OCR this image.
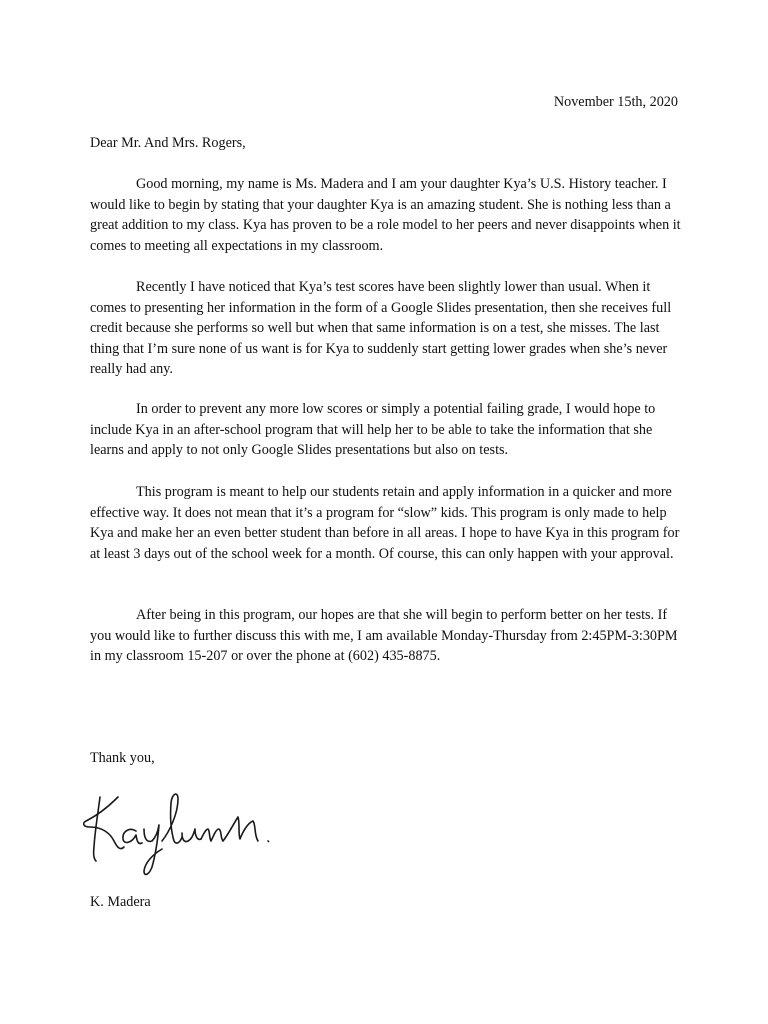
November 15th, 2020
Dear Mr. And Mrs. Rogers,

Good morning, my name is Ms. Madera and I am your daughter Kya’s U.S. History teacher. I would like to begin by stating that your daughter Kya is an amazing student. She is nothing less than a great addition to my class. Kya has proven to be a role model to her peers and never disappoints when it comes to meeting all expectations in my classroom.

Recently I have noticed that Kya’s test scores have been slightly lower than usual. When it comes to presenting her information in the form of a Google Slides presentation, then she receives full credit because she performs so well but when that same information is on a test, she misses. The last thing that I’m sure none of us want is for Kya to suddenly start getting lower grades when she’s never really had any.

In order to prevent any more low scores or simply a potential failing grade, I would hope to include Kya in an after-school program that will help her to be able to take the information that she learns and apply to not only Google Slides presentations but also on tests.

This program is meant to help our students retain and apply information in a quicker and more effective way. It does not mean that it’s a program for “slow” kids. This program is only made to help Kya and make her an even better student than before in all areas. I hope to have Kya in this program for at least 3 days out of the school week for a month. Of course, this can only happen with your approval.

After being in this program, our hopes are that she will begin to perform better on her tests. If you would like to further discuss this with me, I am available Monday-Thursday from 2:45PM-3:30PM in my classroom 15-207 or over the phone at (602) 435-8875.

Thank you,
K. Madera
